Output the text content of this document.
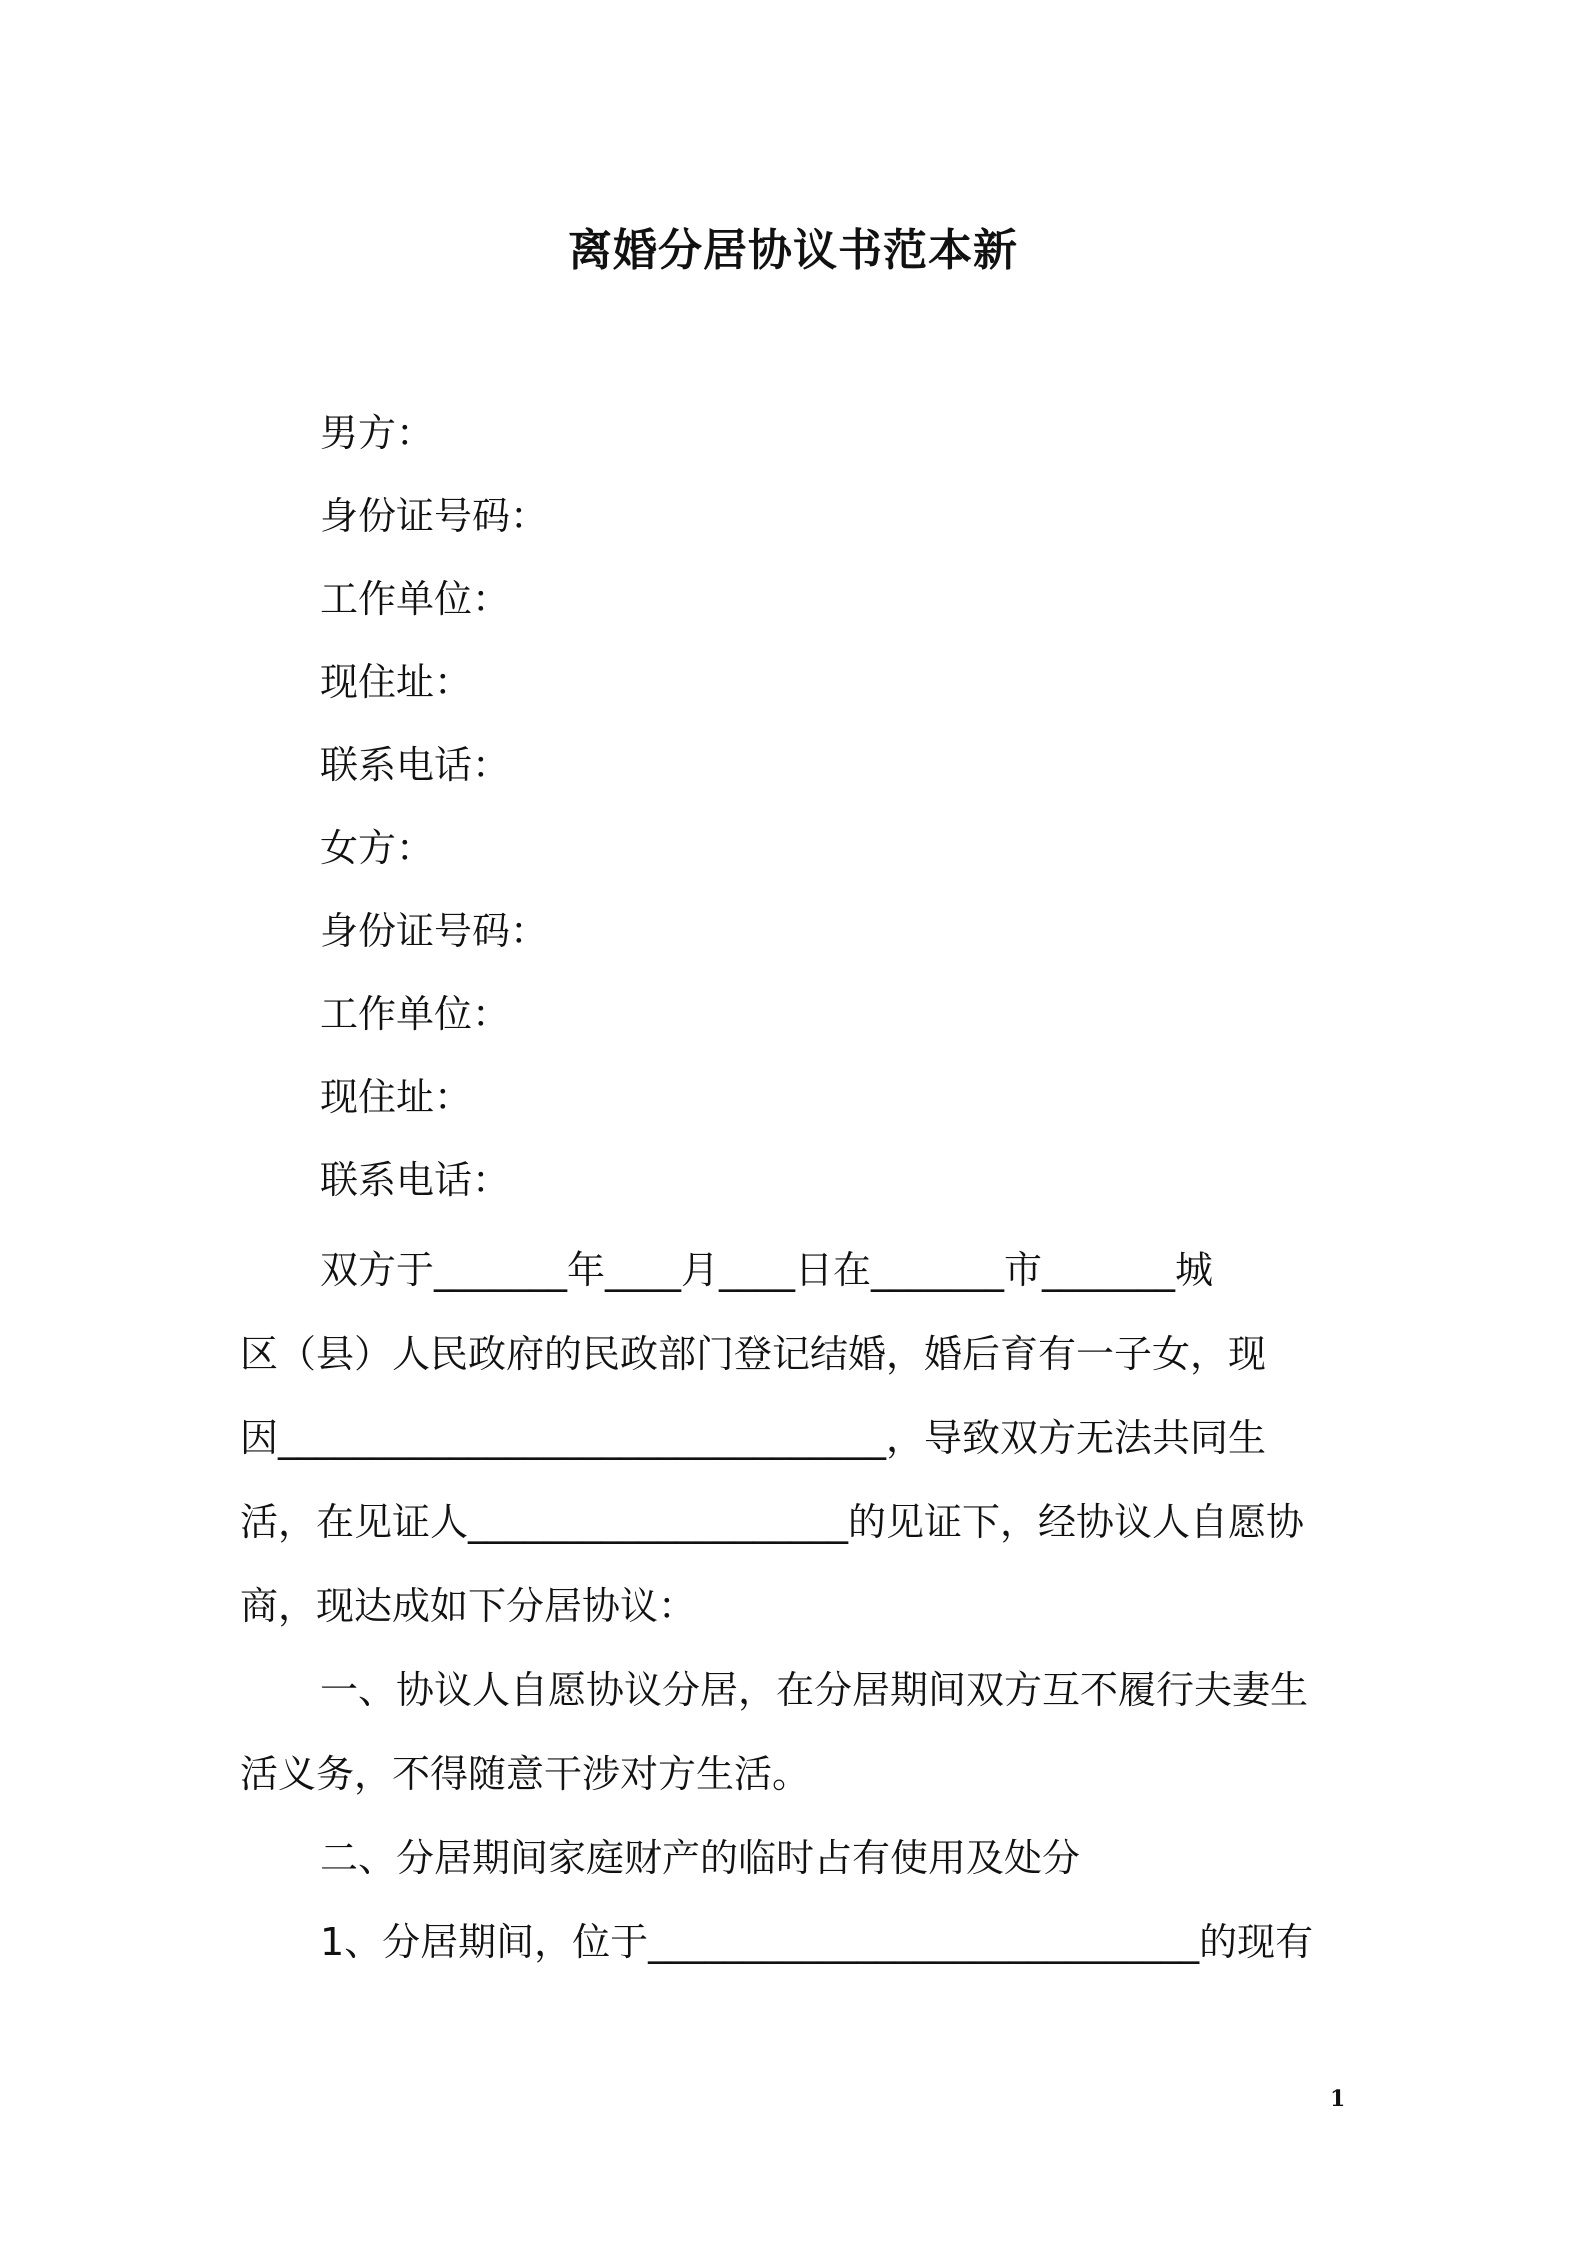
离婚分居协议书范本新
男方：
身份证号码：
工作单位：
现住址：
联系电话：
女方：
身份证号码：
工作单位：
现住址：
联系电话：
双方于_______年____月____日在_______市_______城
区（县）人民政府的民政部门登记结婚，婚后育有一子女，现
因________________________________，导致双方无法共同生
活，在见证人____________________的见证下，经协议人自愿协
商，现达成如下分居协议：
一、协议人自愿协议分居，在分居期间双方互不履行夫妻生
活义务，不得随意干涉对方生活。
二、分居期间家庭财产的临时占有使用及处分
1、分居期间，位于_____________________________的现有
1
